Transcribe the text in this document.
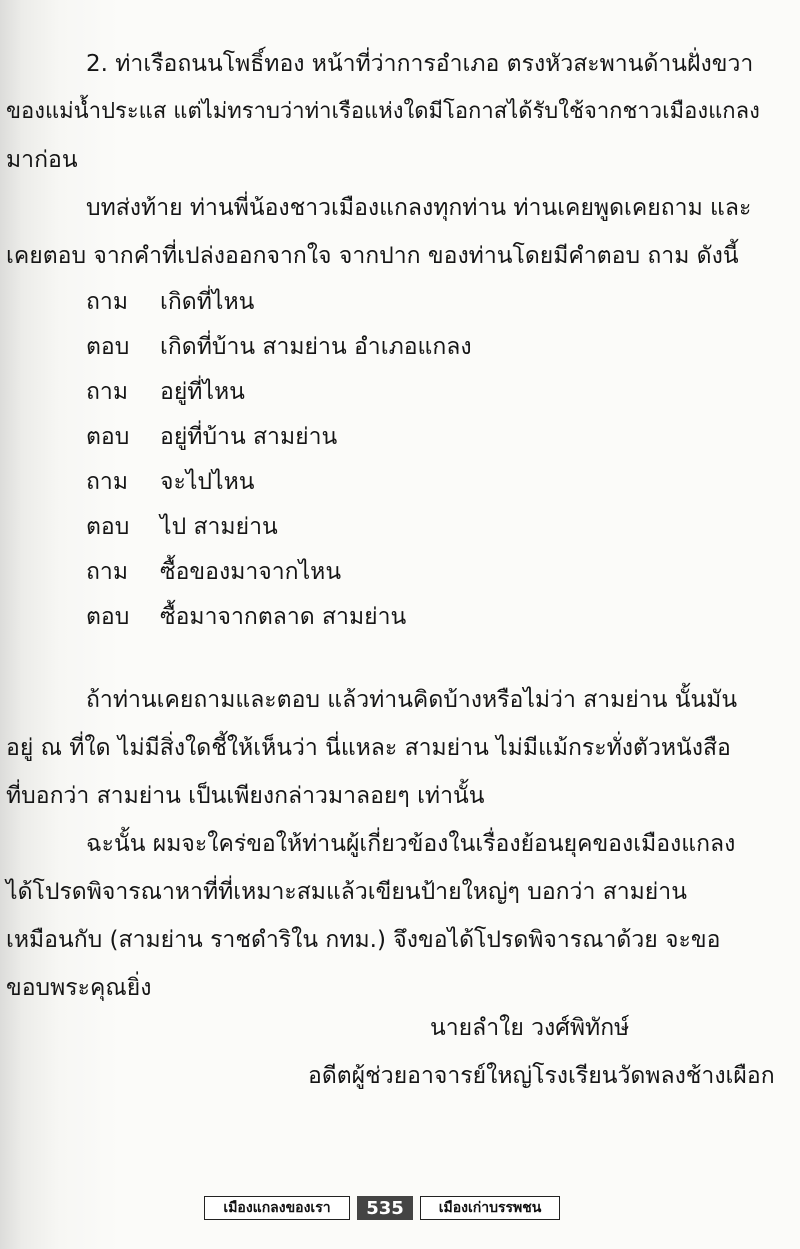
2. ท่าเรือถนนโพธิ์ทอง หน้าที่ว่าการอำเภอ ตรงหัวสะพานด้านฝั่งขวา
ของแม่น้ำประแส แต่ไม่ทราบว่าท่าเรือแห่งใดมีโอกาสได้รับใช้จากชาวเมืองแกลง
มาก่อน
บทส่งท้าย ท่านพี่น้องชาวเมืองแกลงทุกท่าน ท่านเคยพูดเคยถาม และ
เคยตอบ จากคำที่เปล่งออกจากใจ จากปาก ของท่านโดยมีคำตอบ ถาม ดังนี้
ถาม	เกิดที่ไหน
ตอบ	เกิดที่บ้าน สามย่าน อำเภอแกลง
ถาม	อยู่ที่ไหน
ตอบ	อยู่ที่บ้าน สามย่าน
ถาม	จะไปไหน
ตอบ	ไป สามย่าน
ถาม	ซื้อของมาจากไหน
ตอบ	ซื้อมาจากตลาด สามย่าน
ถ้าท่านเคยถามและตอบ แล้วท่านคิดบ้างหรือไม่ว่า สามย่าน นั้นมัน
อยู่ ณ ที่ใด ไม่มีสิ่งใดชี้ให้เห็นว่า นี่แหละ สามย่าน ไม่มีแม้กระทั่งตัวหนังสือ
ที่บอกว่า สามย่าน เป็นเพียงกล่าวมาลอยๆ เท่านั้น
ฉะนั้น ผมจะใคร่ขอให้ท่านผู้เกี่ยวข้องในเรื่องย้อนยุคของเมืองแกลง
ได้โปรดพิจารณาหาที่ที่เหมาะสมแล้วเขียนป้ายใหญ่ๆ บอกว่า สามย่าน
เหมือนกับ (สามย่าน ราชดำริใน กทม.) จึงขอได้โปรดพิจารณาด้วย จะขอ
ขอบพระคุณยิ่ง
นายลำใย วงศ์พิทักษ์
อดีตผู้ช่วยอาจารย์ใหญ่โรงเรียนวัดพลงช้างเผือก
เมืองแกลงของเรา	535	เมืองเก่าบรรพชน
